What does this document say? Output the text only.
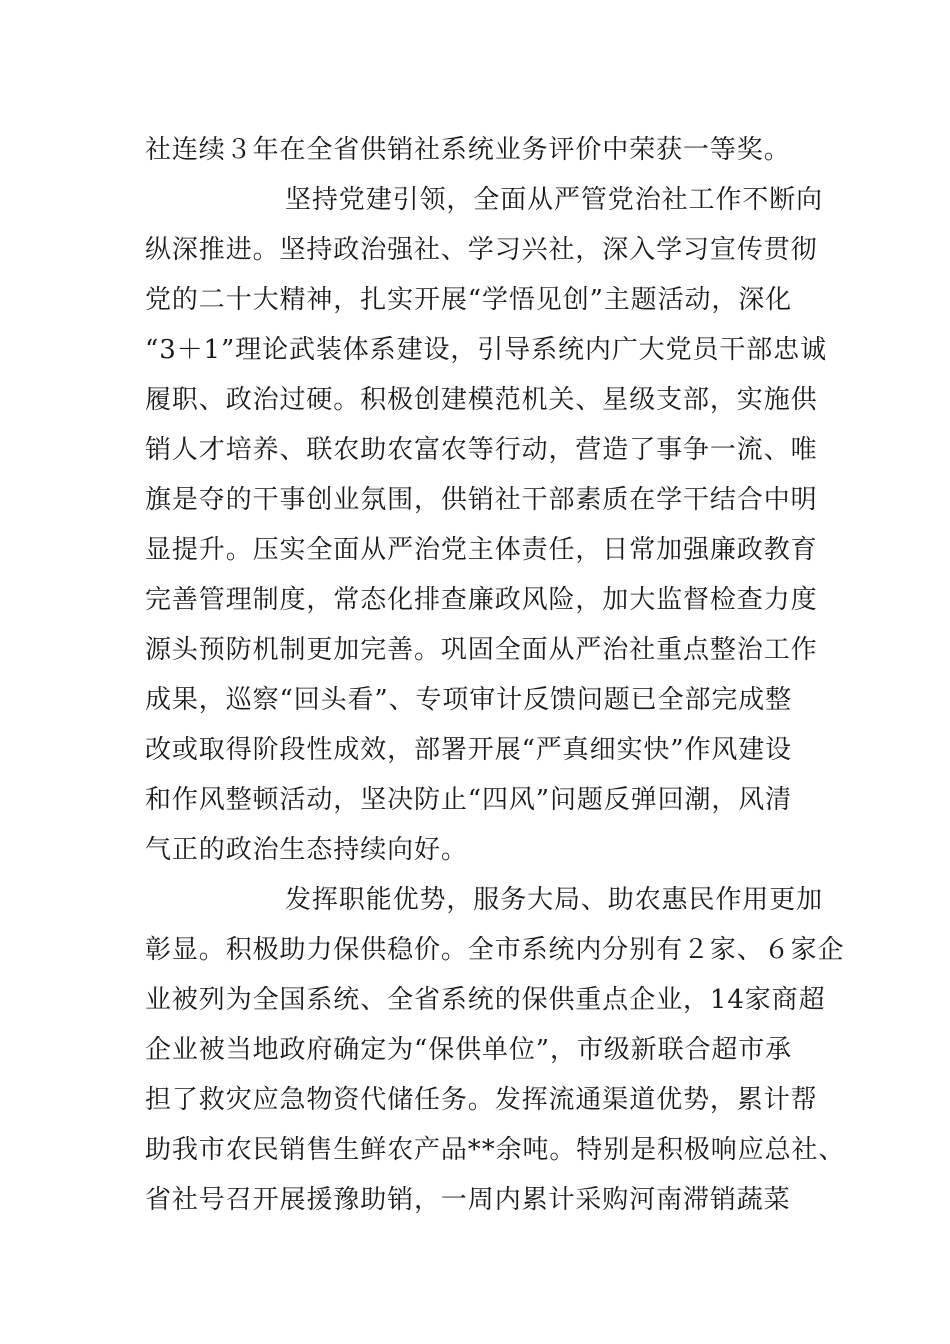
社连续３年在全省供销社系统业务评价中荣获一等奖。
坚持党建引领，全面从严管党治社工作不断向
纵深推进。坚持政治强社、学习兴社，深入学习宣传贯彻
党的二十大精神，扎实开展“学悟见创”主题活动，深化
“3＋1”理论武装体系建设，引导系统内广大党员干部忠诚
履职、政治过硬。积极创建模范机关、星级支部，实施供
销人才培养、联农助农富农等行动，营造了事争一流、唯
旗是夺的干事创业氛围，供销社干部素质在学干结合中明
显提升。压实全面从严治党主体责任，日常加强廉政教育
完善管理制度，常态化排查廉政风险，加大监督检查力度
源头预防机制更加完善。巩固全面从严治社重点整治工作
成果，巡察“回头看”、专项审计反馈问题已全部完成整
改或取得阶段性成效，部署开展“严真细实快”作风建设
和作风整顿活动，坚决防止“四风”问题反弹回潮，风清
气正的政治生态持续向好。
发挥职能优势，服务大局、助农惠民作用更加
彰显。积极助力保供稳价。全市系统内分别有２家、６家企
业被列为全国系统、全省系统的保供重点企业，14家商超
企业被当地政府确定为“保供单位”，市级新联合超市承
担了救灾应急物资代储任务。发挥流通渠道优势，累计帮
助我市农民销售生鲜农产品**余吨。特别是积极响应总社、
省社号召开展援豫助销，一周内累计采购河南滞销蔬菜
